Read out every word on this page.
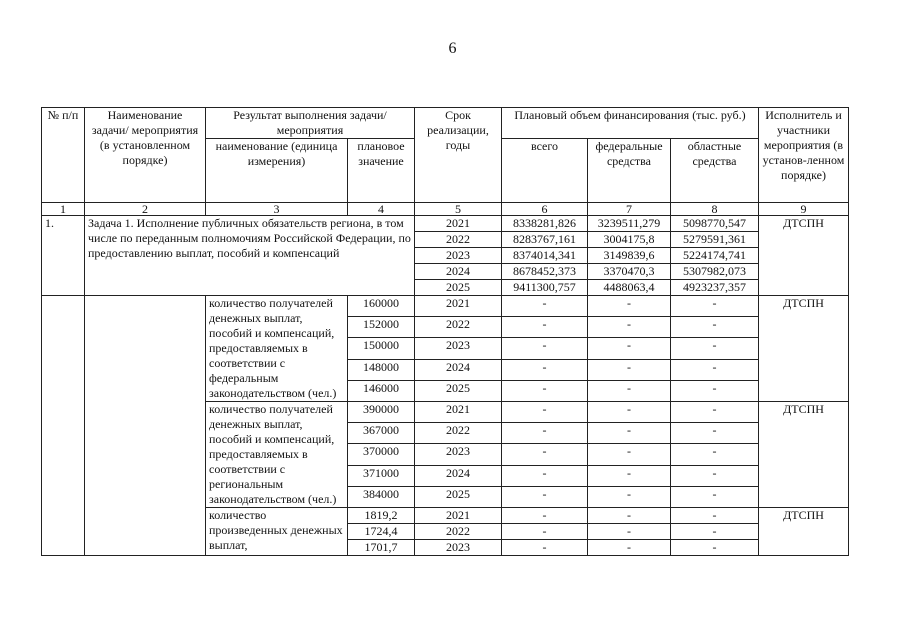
6
№ п/п	Наименование задачи/ мероприятия (в установленном порядке)	Результат выполнения задачи/мероприятия		Срок реализации, годы	Плановый объем финансирования (тыс. руб.)			Исполнитель и участники мероприятия (в установ-ленном порядке)
		наименование (единица измерения)	плановое значение		всего	федеральные средства	областные средства	
1	2	3	4	5	6	7	8	9
1.	Задача 1. Исполнение публичных обязательств региона, в том числе по переданным полномочиям Российской Федерации, по предоставлению выплат, пособий и компенсаций			2021	8338281,826	3239511,279	5098770,547	ДТСПН
				2022	8283767,161	3004175,8	5279591,361	
				2023	8374014,341	3149839,6	5224174,741	
				2024	8678452,373	3370470,3	5307982,073	
				2025	9411300,757	4488063,4	4923237,357	
		количество получателей денежных выплат, пособий и компенсаций, предоставляемых в соответствии с федеральным законодательством (чел.)	160000	2021	-	-	-	ДТСПН
			152000	2022	-	-	-	
			150000	2023	-	-	-	
			148000	2024	-	-	-	
			146000	2025	-	-	-	
		количество получателей денежных выплат, пособий и компенсаций, предоставляемых в соответствии с региональным законодательством (чел.)	390000	2021	-	-	-	ДТСПН
			367000	2022	-	-	-	
			370000	2023	-	-	-	
			371000	2024	-	-	-	
			384000	2025	-	-	-	
		количество произведенных денежных выплат,	1819,2	2021	-	-	-	ДТСПН
			1724,4	2022	-	-	-	
			1701,7	2023	-	-	-	
